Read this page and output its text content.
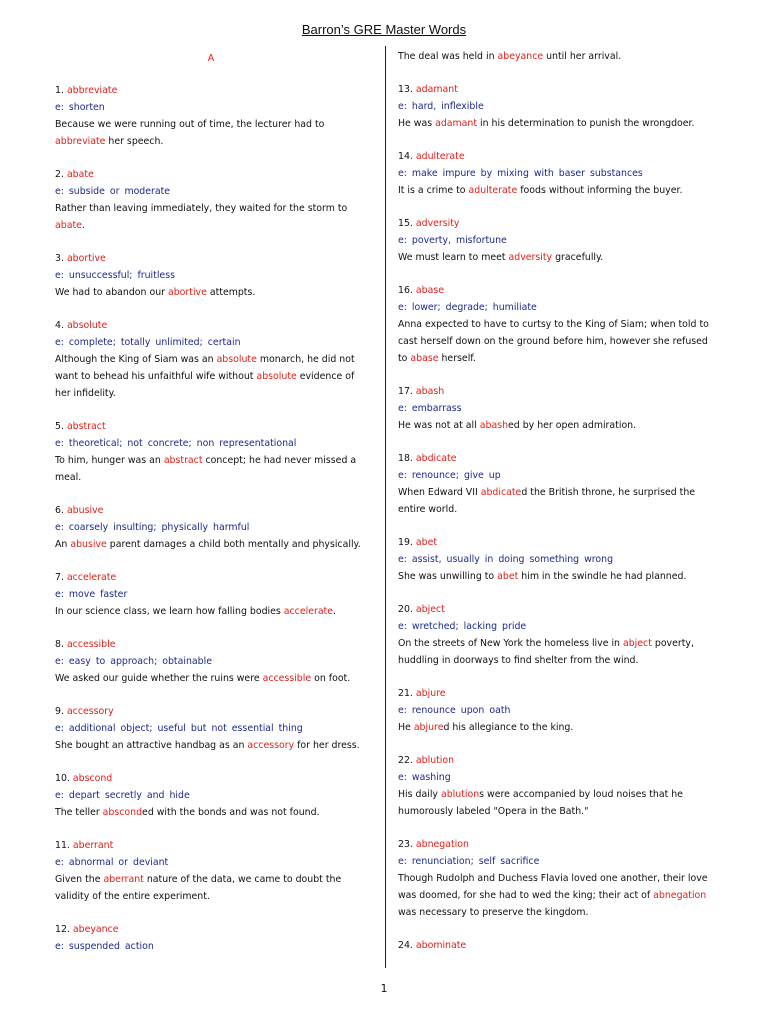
Barron’s GRE Master Words
A
1. abbreviate
e: shorten
Because we were running out of time, the lecturer had to abbreviate her speech.
2. abate
e: subside or moderate
Rather than leaving immediately, they waited for the storm to abate.
3. abortive
e: unsuccessful; fruitless
We had to abandon our abortive attempts.
4. absolute
e: complete; totally unlimited; certain
Although the King of Siam was an absolute monarch, he did not want to behead his unfaithful wife without absolute evidence of her infidelity.
5. abstract
e: theoretical; not concrete; non representational
To him, hunger was an abstract concept; he had never missed a meal.
6. abusive
e: coarsely insulting; physically harmful
An abusive parent damages a child both mentally and physically.
7. accelerate
e: move faster
In our science class, we learn how falling bodies accelerate.
8. accessible
e: easy to approach; obtainable
We asked our guide whether the ruins were accessible on foot.
9. accessory
e: additional object; useful but not essential thing
She bought an attractive handbag as an accessory for her dress.
10. abscond
e: depart secretly and hide
The teller absconded with the bonds and was not found.
11. aberrant
e: abnormal or deviant
Given the aberrant nature of the data, we came to doubt the validity of the entire experiment.
12. abeyance
e: suspended action
The deal was held in abeyance until her arrival.
13. adamant
e: hard, inflexible
He was adamant in his determination to punish the wrongdoer.
14. adulterate
e: make impure by mixing with baser substances
It is a crime to adulterate foods without informing the buyer.
15. adversity
e: poverty, misfortune
We must learn to meet adversity gracefully.
16. abase
e: lower; degrade; humiliate
Anna expected to have to curtsy to the King of Siam; when told to cast herself down on the ground before him, however she refused to abase herself.
17. abash
e: embarrass
He was not at all abashed by her open admiration.
18. abdicate
e: renounce; give up
When Edward VII abdicated the British throne, he surprised the entire world.
19. abet
e: assist, usually in doing something wrong
She was unwilling to abet him in the swindle he had planned.
20. abject
e: wretched; lacking pride
On the streets of New York the homeless live in abject poverty, huddling in doorways to find shelter from the wind.
21. abjure
e: renounce upon oath
He abjured his allegiance to the king.
22. ablution
e: washing
His daily ablutions were accompanied by loud noises that he humorously labeled "Opera in the Bath."
23. abnegation
e: renunciation; self sacrifice
Though Rudolph and Duchess Flavia loved one another, their love was doomed, for she had to wed the king; their act of abnegation was necessary to preserve the kingdom.
24. abominate
1
